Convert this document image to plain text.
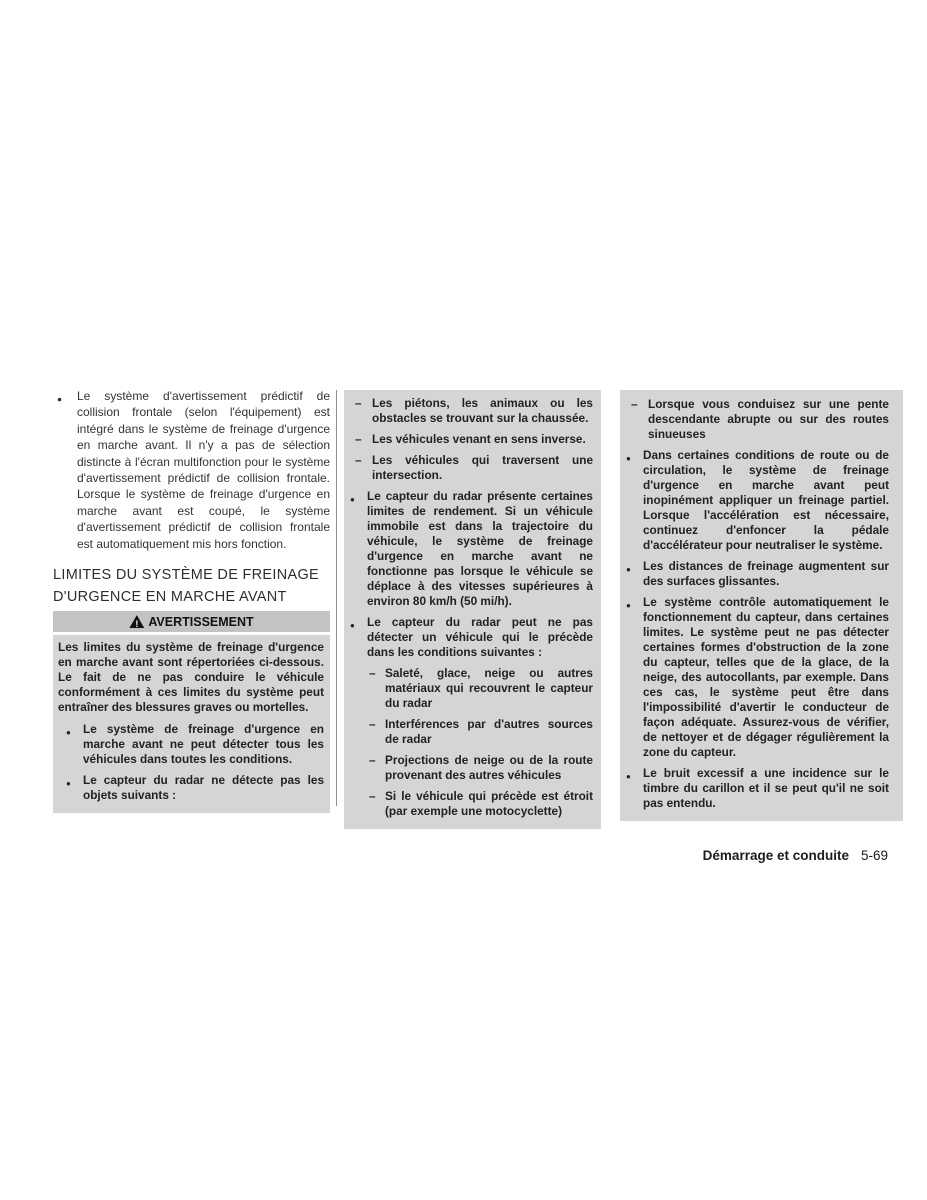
● Le système d'avertissement prédictif de collision frontale (selon l'équipement) est intégré dans le système de freinage d'urgence en marche avant. Il n'y a pas de sélection distincte à l'écran multifonction pour le système d'avertissement prédictif de collision frontale. Lorsque le système de freinage d'urgence en marche avant est coupé, le système d'avertissement prédictif de collision frontale est automatiquement mis hors fonction.
LIMITES DU SYSTÈME DE FREINAGE D'URGENCE EN MARCHE AVANT
!
AVERTISSEMENT

Les limites du système de freinage d'urgence en marche avant sont répertoriées ci-dessous. Le fait de ne pas conduire le véhicule conformément à ces limites du système peut entraîner des blessures graves ou mortelles.

● Le système de freinage d'urgence en marche avant ne peut détecter tous les véhicules dans toutes les conditions.
● Le capteur du radar ne détecte pas les objets suivants :
– Les piétons, les animaux ou les obstacles se trouvant sur la chaussée.
– Les véhicules venant en sens inverse.
– Les véhicules qui traversent une intersection.
● Le capteur du radar présente certaines limites de rendement. Si un véhicule immobile est dans la trajectoire du véhicule, le système de freinage d'urgence en marche avant ne fonctionne pas lorsque le véhicule se déplace à des vitesses supérieures à environ 80 km/h (50 mi/h).
● Le capteur du radar peut ne pas détecter un véhicule qui le précède dans les conditions suivantes :
– Saleté, glace, neige ou autres matériaux qui recouvrent le capteur du radar
– Interférences par d'autres sources de radar
– Projections de neige ou de la route provenant des autres véhicules
– Si le véhicule qui précède est étroit (par exemple une motocyclette)
– Lorsque vous conduisez sur une pente descendante abrupte ou sur des routes sinueuses
● Dans certaines conditions de route ou de circulation, le système de freinage d'urgence en marche avant peut inopinément appliquer un freinage partiel. Lorsque l'accélération est nécessaire, continuez d'enfoncer la pédale d'accélérateur pour neutraliser le système.
● Les distances de freinage augmentent sur des surfaces glissantes.
● Le système contrôle automatiquement le fonctionnement du capteur, dans certaines limites. Le système peut ne pas détecter certaines formes d'obstruction de la zone du capteur, telles que de la glace, de la neige, des autocollants, par exemple. Dans ces cas, le système peut être dans l'impossibilité d'avertir le conducteur de façon adéquate. Assurez-vous de vérifier, de nettoyer et de dégager régulièrement la zone du capteur.
● Le bruit excessif a une incidence sur le timbre du carillon et il se peut qu'il ne soit pas entendu.
Démarrage et conduite 5-69
